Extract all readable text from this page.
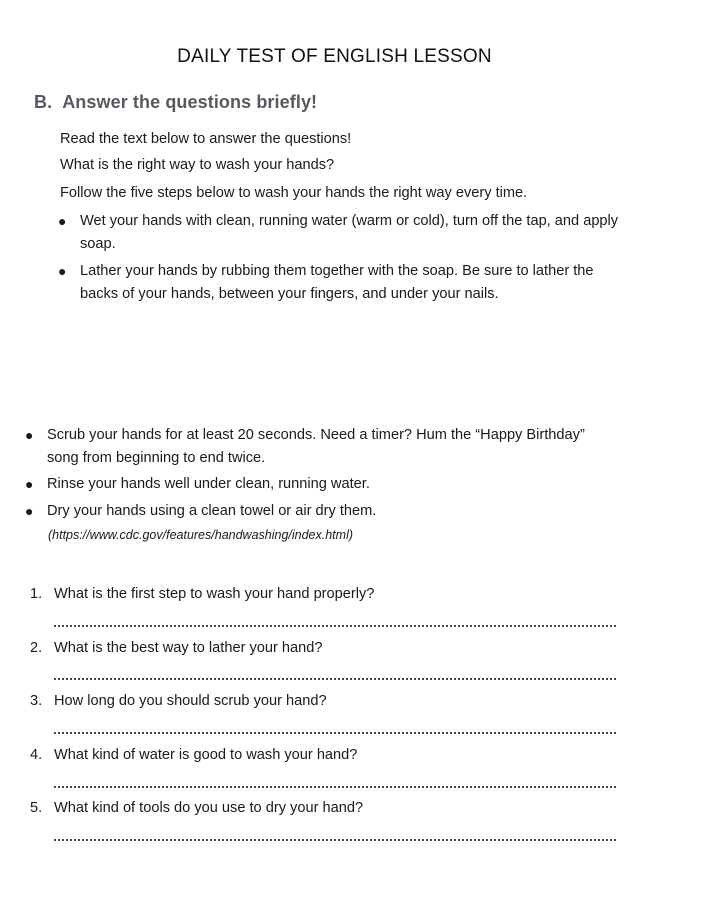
DAILY TEST OF ENGLISH LESSON
B. Answer the questions briefly!
Read the text below to answer the questions!
What is the right way to wash your hands?
Follow the five steps below to wash your hands the right way every time.
● Wet your hands with clean, running water (warm or cold), turn off the tap, and apply
soap.
● Lather your hands by rubbing them together with the soap. Be sure to lather the
backs of your hands, between your fingers, and under your nails.
● Scrub your hands for at least 20 seconds. Need a timer? Hum the “Happy Birthday”
song from beginning to end twice.
● Rinse your hands well under clean, running water.
● Dry your hands using a clean towel or air dry them.
(https://www.cdc.gov/features/handwashing/index.html)
1. What is the first step to wash your hand properly?
2. What is the best way to lather your hand?
3. How long do you should scrub your hand?
4. What kind of water is good to wash your hand?
5. What kind of tools do you use to dry your hand?
